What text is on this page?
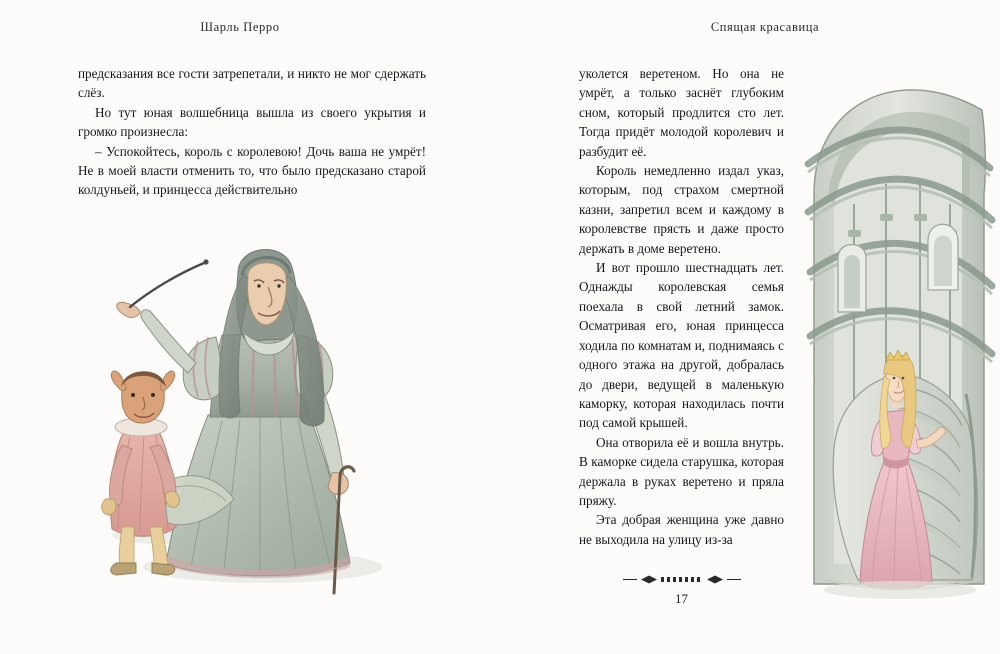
Шарль Перро

предсказания все гости затрепетали, и никто не мог сдержать слёз.

Но тут юная волшебница вышла из своего укрытия и громко произнесла:

– Успокойтесь, король с королевою! Дочь ваша не умрёт! Не в моей власти отменить то, что было предсказано старой колдуньей, и принцесса действительно

Спящая красавица

уколется веретеном. Но она не умрёт, а только заснёт глубоким сном, который продлится сто лет. Тогда придёт молодой королевич и разбудит её.

Король немедленно издал указ, которым, под страхом смертной казни, запретил всем и каждому в королевстве прясть и даже просто держать в доме веретено.

И вот прошло шестнадцать лет. Однажды королевская семья поехала в свой летний замок. Осматривая его, юная принцесса ходила по комнатам и, поднимаясь с одного этажа на другой, добралась до двери, ведущей в маленькую каморку, которая находилась почти под самой крышей.

Она отворила её и вошла внутрь. В каморке сидела старушка, которая держала в руках веретено и пряла пряжу.

Эта добрая женщина уже давно не выходила на улицу из-за

17
